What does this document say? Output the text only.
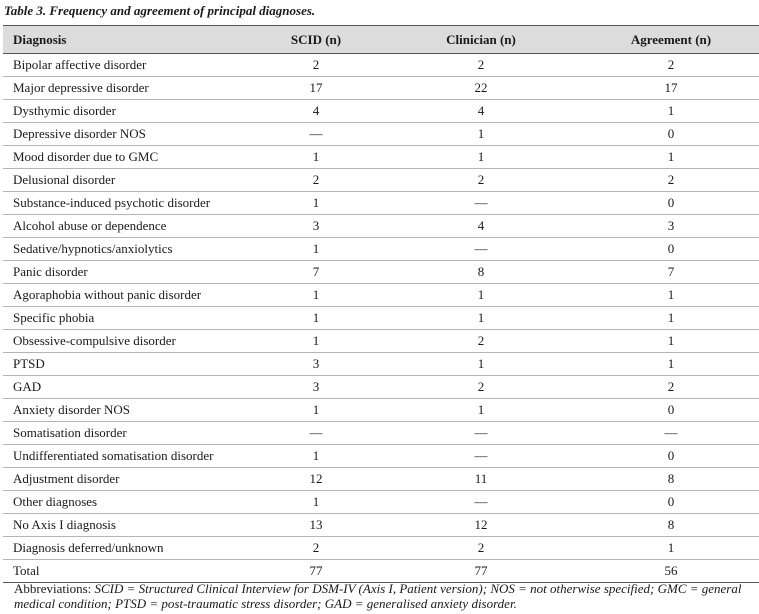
Table 3. Frequency and agreement of principal diagnoses.
Diagnosis	SCID (n)	Clinician (n)	Agreement (n)
Bipolar affective disorder	2	2	2
Major depressive disorder	17	22	17
Dysthymic disorder	4	4	1
Depressive disorder NOS	—	1	0
Mood disorder due to GMC	1	1	1
Delusional disorder	2	2	2
Substance-induced psychotic disorder	1	—	0
Alcohol abuse or dependence	3	4	3
Sedative/hypnotics/anxiolytics	1	—	0
Panic disorder	7	8	7
Agoraphobia without panic disorder	1	1	1
Specific phobia	1	1	1
Obsessive-compulsive disorder	1	2	1
PTSD	3	1	1
GAD	3	2	2
Anxiety disorder NOS	1	1	0
Somatisation disorder	—	—	—
Undifferentiated somatisation disorder	1	—	0
Adjustment disorder	12	11	8
Other diagnoses	1	—	0
No Axis I diagnosis	13	12	8
Diagnosis deferred/unknown	2	2	1
Total	77	77	56
Abbreviations: SCID = Structured Clinical Interview for DSM-IV (Axis I, Patient version); NOS = not otherwise specified; GMC = general medical condition; PTSD = post-traumatic stress disorder; GAD = generalised anxiety disorder.
